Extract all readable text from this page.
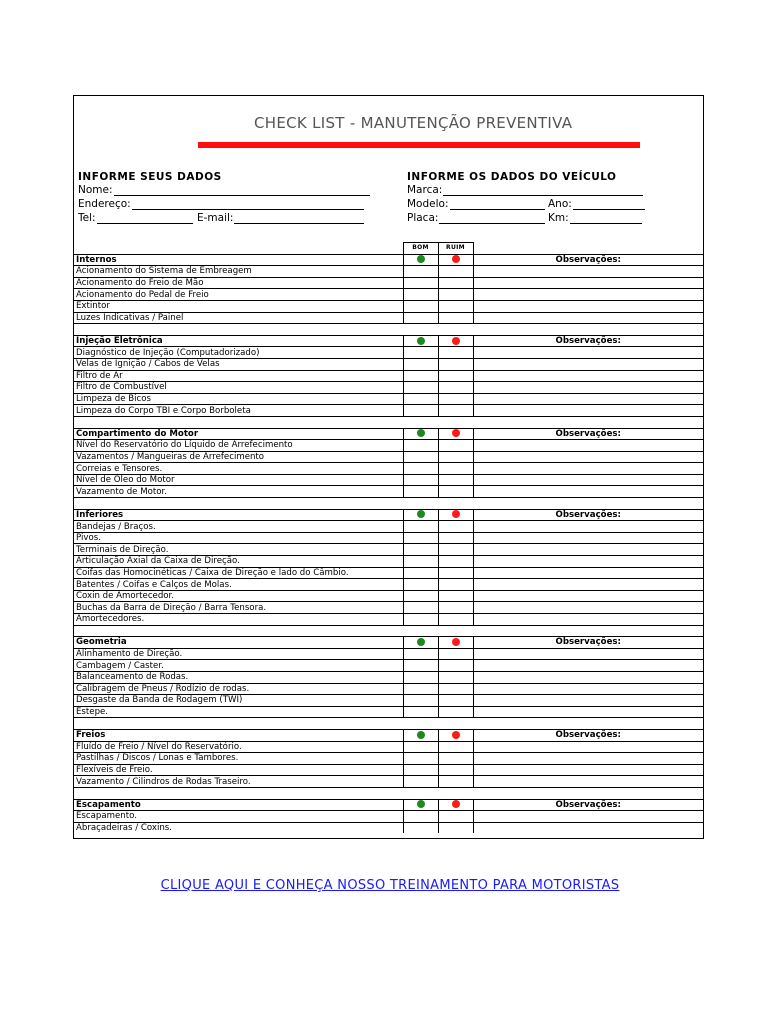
CHECK LIST - MANUTENÇÃO PREVENTIVA
INFORME SEUS DADOS
Nome:
Endereço:
Tel:	E-mail:
INFORME OS DADOS DO VEÍCULO
Marca:
Modelo:	Ano:
Placa:	Km:
	BOM	RUIM	
Internos			Observações:
Acionamento do Sistema de Embreagem			
Acionamento do Freio de Mão			
Acionamento do Pedal de Freio			
Extintor			
Luzes Indicativas / Painel			

Injeção Eletrônica			Observações:
Diagnóstico de Injeção (Computadorizado)			
Velas de Ignição / Cabos de Velas			
Filtro de Ar			
Filtro de Combustível			
Limpeza de Bicos			
Limpeza do Corpo TBI e Corpo Borboleta			

Compartimento do Motor			Observações:
Nível do Reservatório do Líquido de Arrefecimento			
Vazamentos / Mangueiras de Arrefecimento			
Correias e Tensores.			
Nível de Óleo do Motor			
Vazamento de Motor.			

Inferiores			Observações:
Bandejas / Braços.			
Pivos.			
Terminais de Direção.			
Articulação Axial da Caixa de Direção.			
Coifas das Homocinéticas / Caixa de Direção e lado do Câmbio.			
Batentes / Coifas e Calços de Molas.			
Coxin de Amortecedor.			
Buchas da Barra de Direção / Barra Tensora.			
Amortecedores.			

Geometria			Observações:
Alinhamento de Direção.			
Cambagem / Caster.			
Balanceamento de Rodas.			
Calibragem de Pneus / Rodízio de rodas.			
Desgaste da Banda de Rodagem (TWI)			
Estepe.			

Freios			Observações:
Fluído de Freio / Nível do Reservatório.			
Pastilhas / Discos / Lonas e Tambores.			
Flexíveis de Freio.			
Vazamento / Cilindros de Rodas Traseiro.			

Escapamento			Observações:
Escapamento.			
Abraçadeiras / Coxins.			
CLIQUE AQUI E CONHEÇA NOSSO TREINAMENTO PARA MOTORISTAS
